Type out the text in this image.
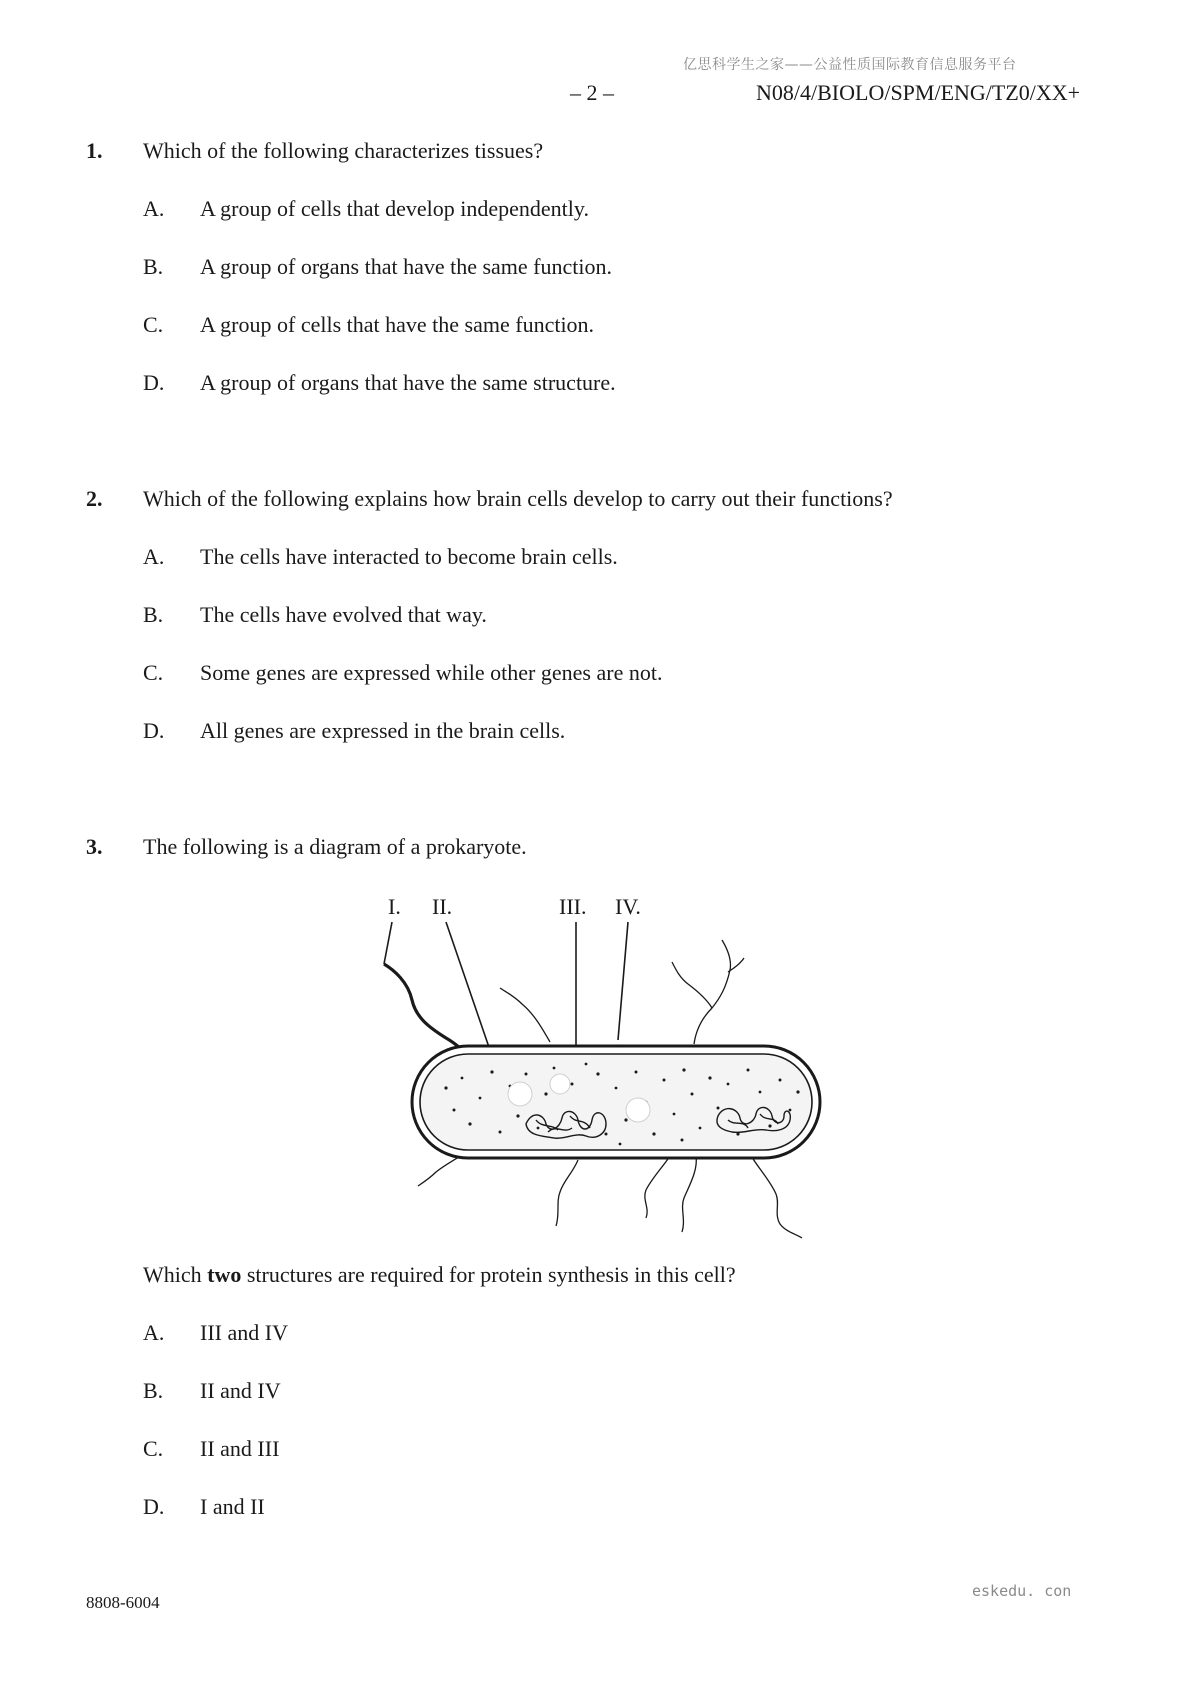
亿思科学生之家——公益性质国际教育信息服务平台
– 2 –	N08/4/BIOLO/SPM/ENG/TZ0/XX+
1. Which of the following characterizes tissues?
A. A group of cells that develop independently.
B. A group of organs that have the same function.
C. A group of cells that have the same function.
D. A group of organs that have the same structure.
2. Which of the following explains how brain cells develop to carry out their functions?
A. The cells have interacted to become brain cells.
B. The cells have evolved that way.
C. Some genes are expressed while other genes are not.
D. All genes are expressed in the brain cells.
3. The following is a diagram of a prokaryote.
I. II.	III. IV.
Which two structures are required for protein synthesis in this cell?
A. III and IV
B. II and IV
C. II and III
D. I and II
8808-6004
eskedu. con
